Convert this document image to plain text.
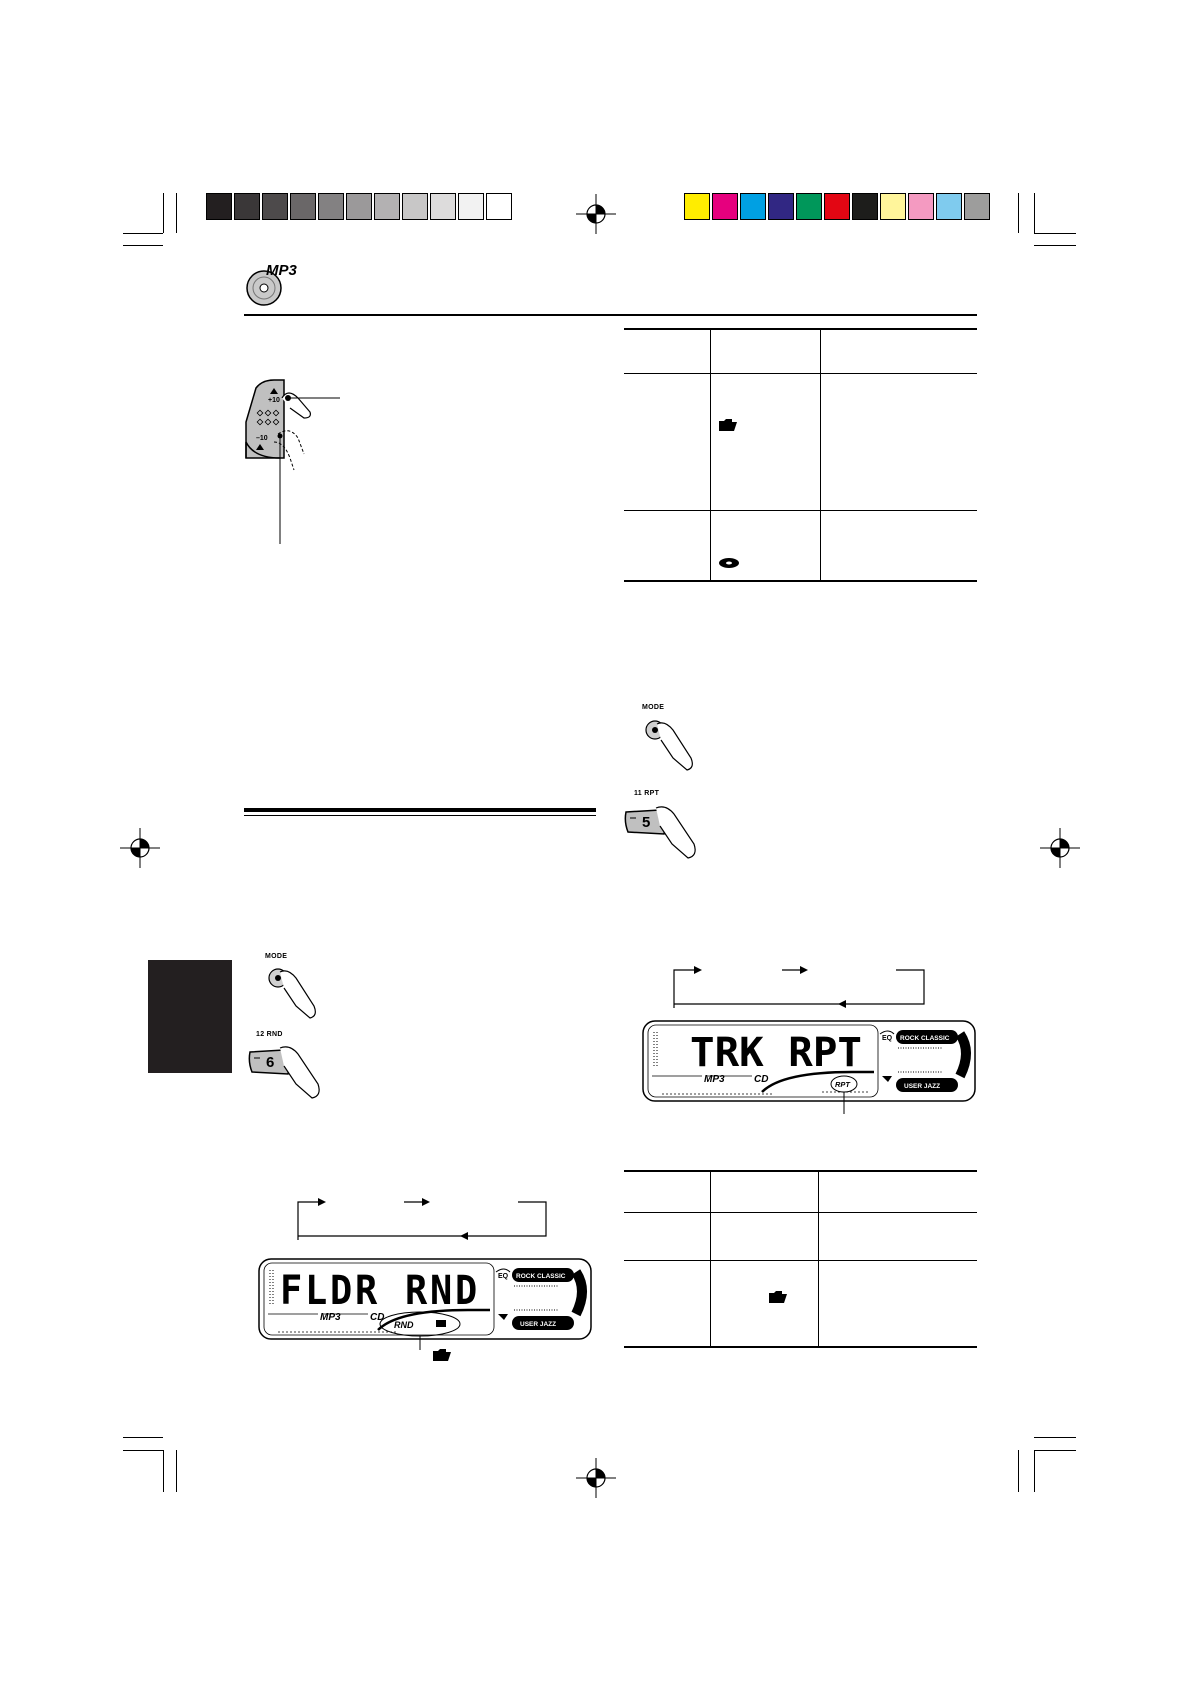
MP3
+10
–10
MODE
12 RND
6
FLDR RND
MP3	CD
RND
EQ ROCK CLASSIC
USER JAZZ
MODE
11 RPT
5
TRK RPT
MP3	CD	RPT
EQ ROCK CLASSIC
USER JAZZ
